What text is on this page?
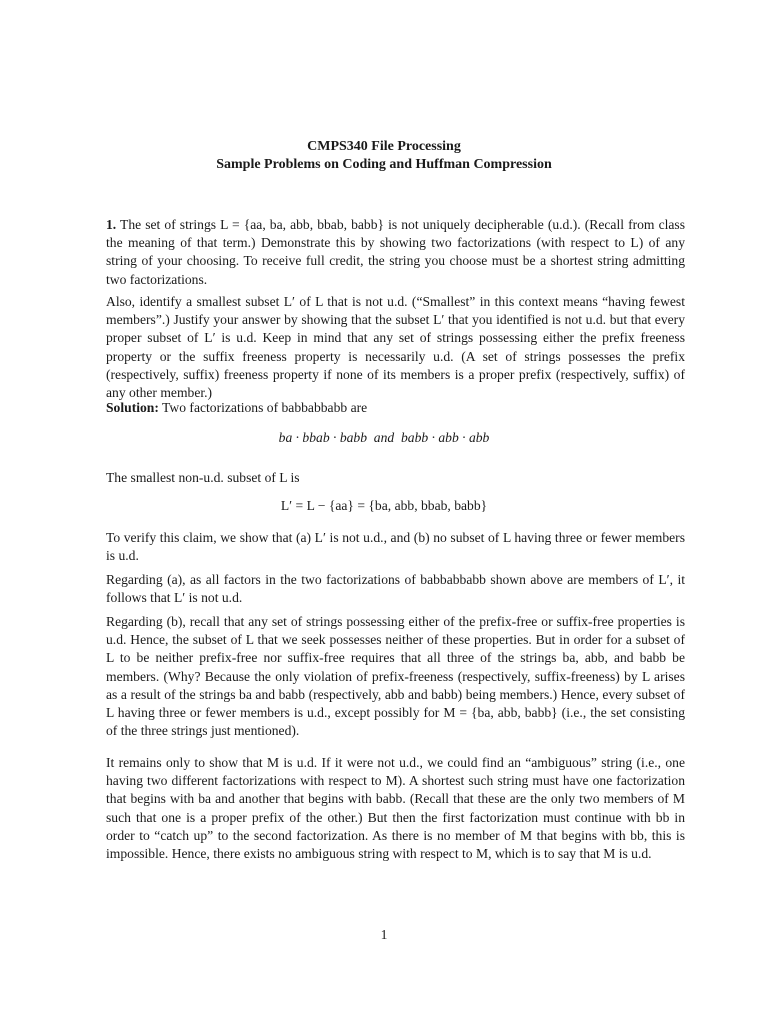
CMPS340 File Processing
Sample Problems on Coding and Huffman Compression
1. The set of strings L = {aa, ba, abb, bbab, babb} is not uniquely decipherable (u.d.). (Recall from class the meaning of that term.) Demonstrate this by showing two factorizations (with respect to L) of any string of your choosing. To receive full credit, the string you choose must be a shortest string admitting two factorizations.
Also, identify a smallest subset L′ of L that is not u.d. (“Smallest” in this context means “having fewest members”.) Justify your answer by showing that the subset L′ that you identified is not u.d. but that every proper subset of L′ is u.d. Keep in mind that any set of strings possessing either the prefix freeness property or the suffix freeness property is necessarily u.d. (A set of strings possesses the prefix (respectively, suffix) freeness property if none of its members is a proper prefix (respectively, suffix) of any other member.)
Solution: Two factorizations of babbabbabb are
ba · bbab · babb  and  babb · abb · abb
The smallest non-u.d. subset of L is
L′ = L − {aa} = {ba, abb, bbab, babb}
To verify this claim, we show that (a) L′ is not u.d., and (b) no subset of L having three or fewer members is u.d.
Regarding (a), as all factors in the two factorizations of babbabbabb shown above are members of L′, it follows that L′ is not u.d.
Regarding (b), recall that any set of strings possessing either of the prefix-free or suffix-free properties is u.d. Hence, the subset of L that we seek possesses neither of these properties. But in order for a subset of L to be neither prefix-free nor suffix-free requires that all three of the strings ba, abb, and babb be members. (Why? Because the only violation of prefix-freeness (respectively, suffix-freeness) by L arises as a result of the strings ba and babb (respectively, abb and babb) being members.) Hence, every subset of L having three or fewer members is u.d., except possibly for M = {ba, abb, babb} (i.e., the set consisting of the three strings just mentioned).
It remains only to show that M is u.d. If it were not u.d., we could find an “ambiguous” string (i.e., one having two different factorizations with respect to M). A shortest such string must have one factorization that begins with ba and another that begins with babb. (Recall that these are the only two members of M such that one is a proper prefix of the other.) But then the first factorization must continue with bb in order to “catch up” to the second factorization. As there is no member of M that begins with bb, this is impossible. Hence, there exists no ambiguous string with respect to M, which is to say that M is u.d.
1
